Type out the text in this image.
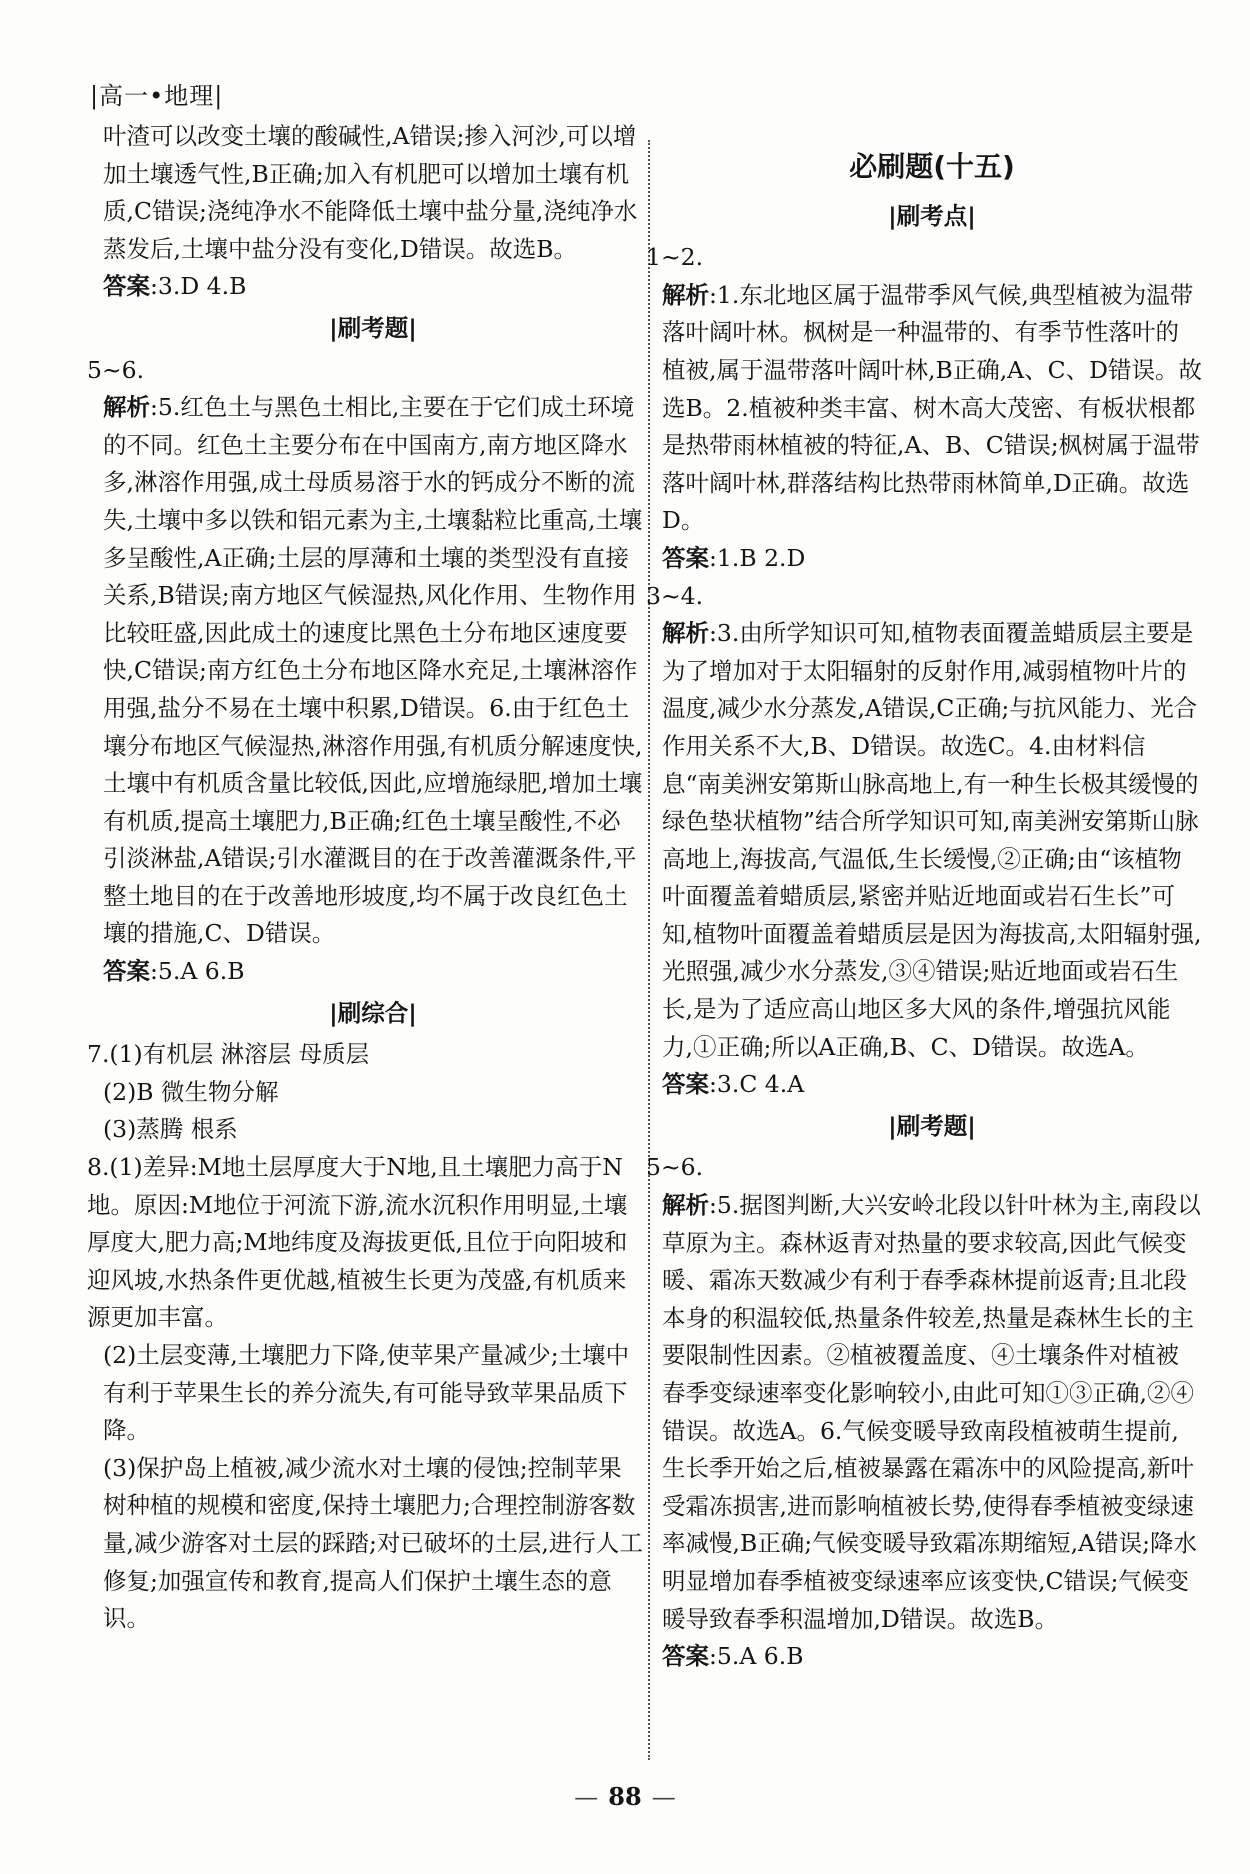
|高一•地理|

叶渣可以改变土壤的酸碱性,A错误;掺入河沙,可以增加土壤透气性,B正确;加入有机肥可以增加土壤有机质,C错误;浇纯净水不能降低土壤中盐分量,浇纯净水蒸发后,土壤中盐分没有变化,D错误。故选B。

答案:3.D 4.B

|刷考题|

5~6.

解析:5.红色土与黑色土相比,主要在于它们成土环境的不同。红色土主要分布在中国南方,南方地区降水多,淋溶作用强,成土母质易溶于水的钙成分不断的流失,土壤中多以铁和铝元素为主,土壤黏粒比重高,土壤多呈酸性,A正确;土层的厚薄和土壤的类型没有直接关系,B错误;南方地区气候湿热,风化作用、生物作用比较旺盛,因此成土的速度比黑色土分布地区速度要快,C错误;南方红色土分布地区降水充足,土壤淋溶作用强,盐分不易在土壤中积累,D错误。6.由于红色土壤分布地区气候湿热,淋溶作用强,有机质分解速度快,土壤中有机质含量比较低,因此,应增施绿肥,增加土壤有机质,提高土壤肥力,B正确;红色土壤呈酸性,不必引淡淋盐,A错误;引水灌溉目的在于改善灌溉条件,平整土地目的在于改善地形坡度,均不属于改良红色土壤的措施,C、D错误。

答案:5.A 6.B

|刷综合|

7.(1)有机层 淋溶层 母质层

(2)B 微生物分解

(3)蒸腾 根系

8.(1)差异:M地土层厚度大于N地,且土壤肥力高于N地。原因:M地位于河流下游,流水沉积作用明显,土壤厚度大,肥力高;M地纬度及海拔更低,且位于向阳坡和迎风坡,水热条件更优越,植被生长更为茂盛,有机质来源更加丰富。

(2)土层变薄,土壤肥力下降,使苹果产量减少;土壤中有利于苹果生长的养分流失,有可能导致苹果品质下降。

(3)保护岛上植被,减少流水对土壤的侵蚀;控制苹果树种植的规模和密度,保持土壤肥力;合理控制游客数量,减少游客对土层的踩踏;对已破坏的土层,进行人工修复;加强宣传和教育,提高人们保护土壤生态的意识。

必刷题(十五)
|刷考点|

1~2.

解析:1.东北地区属于温带季风气候,典型植被为温带落叶阔叶林。枫树是一种温带的、有季节性落叶的植被,属于温带落叶阔叶林,B正确,A、C、D错误。故选B。2.植被种类丰富、树木高大茂密、有板状根都是热带雨林植被的特征,A、B、C错误;枫树属于温带落叶阔叶林,群落结构比热带雨林简单,D正确。故选D。

答案:1.B 2.D

3~4.

解析:3.由所学知识可知,植物表面覆盖蜡质层主要是为了增加对于太阳辐射的反射作用,减弱植物叶片的温度,减少水分蒸发,A错误,C正确;与抗风能力、光合作用关系不大,B、D错误。故选C。4.由材料信息“南美洲安第斯山脉高地上,有一种生长极其缓慢的绿色垫状植物”结合所学知识可知,南美洲安第斯山脉高地上,海拔高,气温低,生长缓慢,②正确;由“该植物叶面覆盖着蜡质层,紧密并贴近地面或岩石生长”可知,植物叶面覆盖着蜡质层是因为海拔高,太阳辐射强,光照强,减少水分蒸发,③④错误;贴近地面或岩石生长,是为了适应高山地区多大风的条件,增强抗风能力,①正确;所以A正确,B、C、D错误。故选A。

答案:3.C 4.A

|刷考题|

5~6.

解析:5.据图判断,大兴安岭北段以针叶林为主,南段以草原为主。森林返青对热量的要求较高,因此气候变暖、霜冻天数减少有利于春季森林提前返青;且北段本身的积温较低,热量条件较差,热量是森林生长的主要限制性因素。②植被覆盖度、④土壤条件对植被春季变绿速率变化影响较小,由此可知①③正确,②④错误。故选A。6.气候变暖导致南段植被萌生提前,生长季开始之后,植被暴露在霜冻中的风险提高,新叶受霜冻损害,进而影响植被长势,使得春季植被变绿速率减慢,B正确;气候变暖导致霜冻期缩短,A错误;降水明显增加春季植被变绿速率应该变快,C错误;气候变暖导致春季积温增加,D错误。故选B。

答案:5.A 6.B

— 88 —
